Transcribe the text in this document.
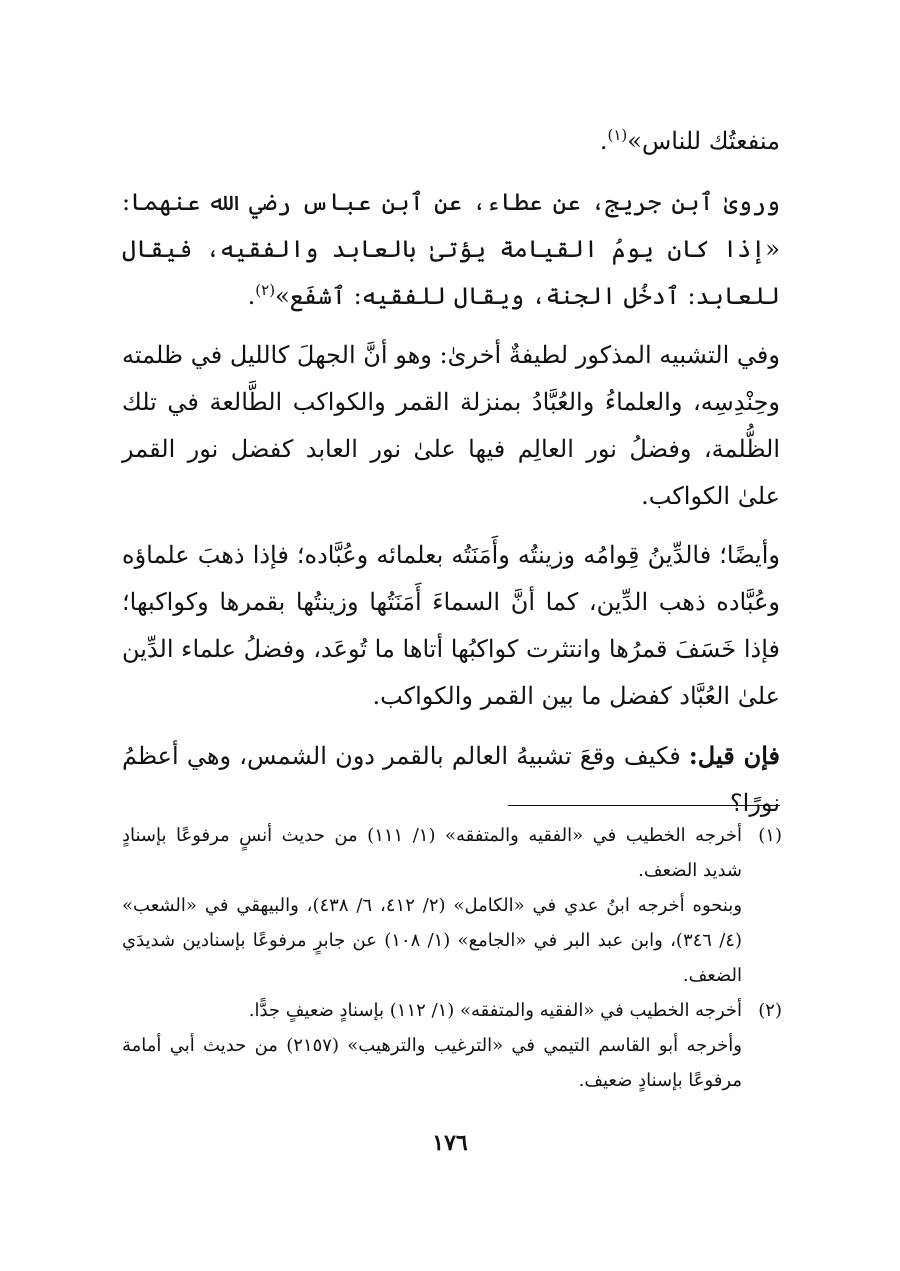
منفعتُك للناس»$^{(١)}$.

وروىٰ ٱبن جريج، عن عطاء، عن ٱبن عباس رضي الله عنهما: «إذا كان يومُ القيامة يؤتىٰ بالعابد والفقيه، فيقال للعابد: ٱدخُل الجنة، ويقال للفقيه: ٱشفَع»$^{(٢)}$.

وفي التشبيه المذكور لطيفةٌ أخرىٰ: وهو أنَّ الجهلَ كالليل في ظلمته وحِنْدِسِه، والعلماءُ والعُبَّادُ بمنزلة القمر والكواكب الطَّالعة في تلك الظُّلمة، وفضلُ نور العالِم فيها علىٰ نور العابد كفضل نور القمر علىٰ الكواكب.

وأيضًا؛ فالدِّينُ قِوامُه وزينتُه وأَمَنَتُه بعلمائه وعُبَّاده؛ فإذا ذهبَ علماؤه وعُبَّاده ذهب الدِّين، كما أنَّ السماءَ أَمَنَتُها وزينتُها بقمرها وكواكبها؛ فإذا خَسَفَ قمرُها وانتثرت كواكبُها أتاها ما تُوعَد، وفضلُ علماء الدِّين علىٰ العُبَّاد كفضل ما بين القمر والكواكب.

فإن قيل: فكيف وقعَ تشبيهُ العالم بالقمر دون الشمس، وهي أعظمُ نورًا؟

(١)
أخرجه الخطيب في «الفقيه والمتفقه» (١/ ١١١) من حديث أنسٍ مرفوعًا بإسنادٍ شديد الضعف.
وبنحوه أخرجه ابنُ عدي في «الكامل» (٢/ ٤١٢، ٦/ ٤٣٨)، والبيهقي في «الشعب» (٤/ ٣٤٦)، وابن عبد البر في «الجامع» (١/ ١٠٨) عن جابرٍ مرفوعًا بإسنادين شديدَي الضعف.
(٢)
أخرجه الخطيب في «الفقيه والمتفقه» (١/ ١١٢) بإسنادٍ ضعيفٍ جدًّا.
وأخرجه أبو القاسم التيمي في «الترغيب والترهيب» (٢١٥٧) من حديث أبي أمامة مرفوعًا بإسنادٍ ضعيف.
١٧٦
